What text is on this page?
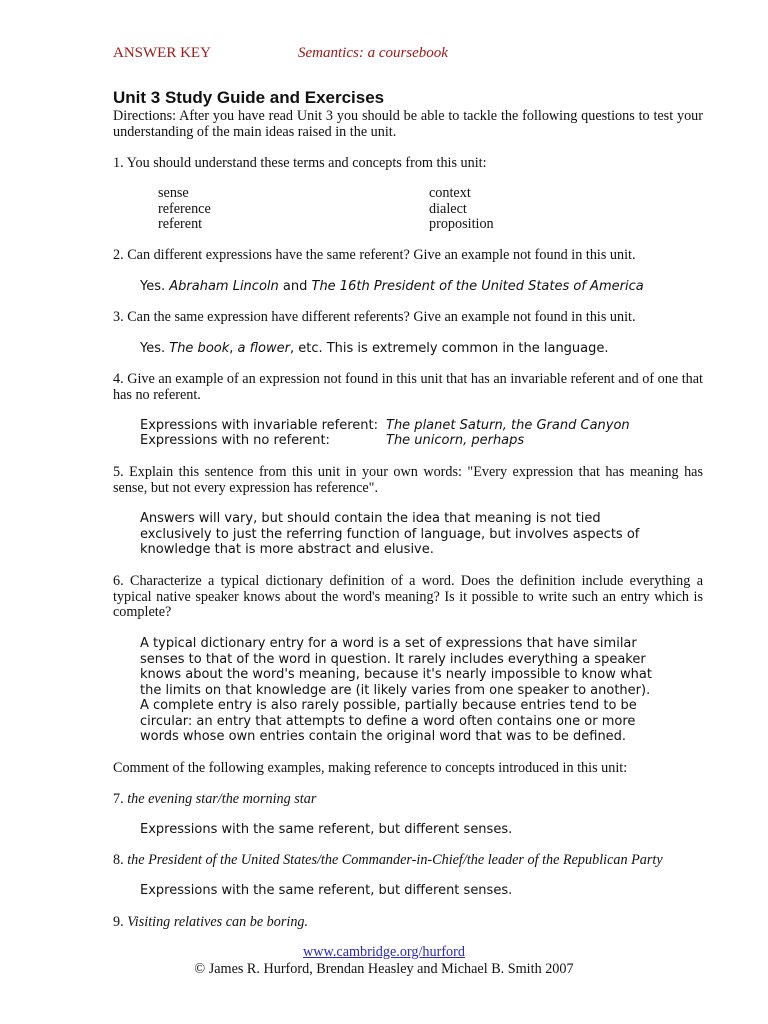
ANSWER KEY	Semantics: a coursebook
Unit 3 Study Guide and Exercises
Directions: After you have read Unit 3 you should be able to tackle the following questions to test your understanding of the main ideas raised in the unit.
1. You should understand these terms and concepts from this unit:
sense
reference
referent
context
dialect
proposition
2. Can different expressions have the same referent? Give an example not found in this unit.
Yes. Abraham Lincoln and The 16th President of the United States of America
3. Can the same expression have different referents? Give an example not found in this unit.
Yes. The book, a flower, etc. This is extremely common in the language.
4. Give an example of an expression not found in this unit that has an invariable referent and of one that has no referent.
Expressions with invariable referent: The planet Saturn, the Grand Canyon
Expressions with no referent:	The unicorn, perhaps
5. Explain this sentence from this unit in your own words: "Every expression that has meaning has sense, but not every expression has reference".
Answers will vary, but should contain the idea that meaning is not tied
exclusively to just the referring function of language, but involves aspects of
knowledge that is more abstract and elusive.
6. Characterize a typical dictionary definition of a word. Does the definition include everything a typical native speaker knows about the word's meaning? Is it possible to write such an entry which is complete?
A typical dictionary entry for a word is a set of expressions that have similar
senses to that of the word in question. It rarely includes everything a speaker
knows about the word's meaning, because it's nearly impossible to know what
the limits on that knowledge are (it likely varies from one speaker to another).
A complete entry is also rarely possible, partially because entries tend to be
circular: an entry that attempts to define a word often contains one or more
words whose own entries contain the original word that was to be defined.
Comment of the following examples, making reference to concepts introduced in this unit:
7. the evening star/the morning star
Expressions with the same referent, but different senses.
8. the President of the United States/the Commander-in-Chief/the leader of the Republican Party
Expressions with the same referent, but different senses.
9. Visiting relatives can be boring.
www.cambridge.org/hurford
© James R. Hurford, Brendan Heasley and Michael B. Smith 2007
